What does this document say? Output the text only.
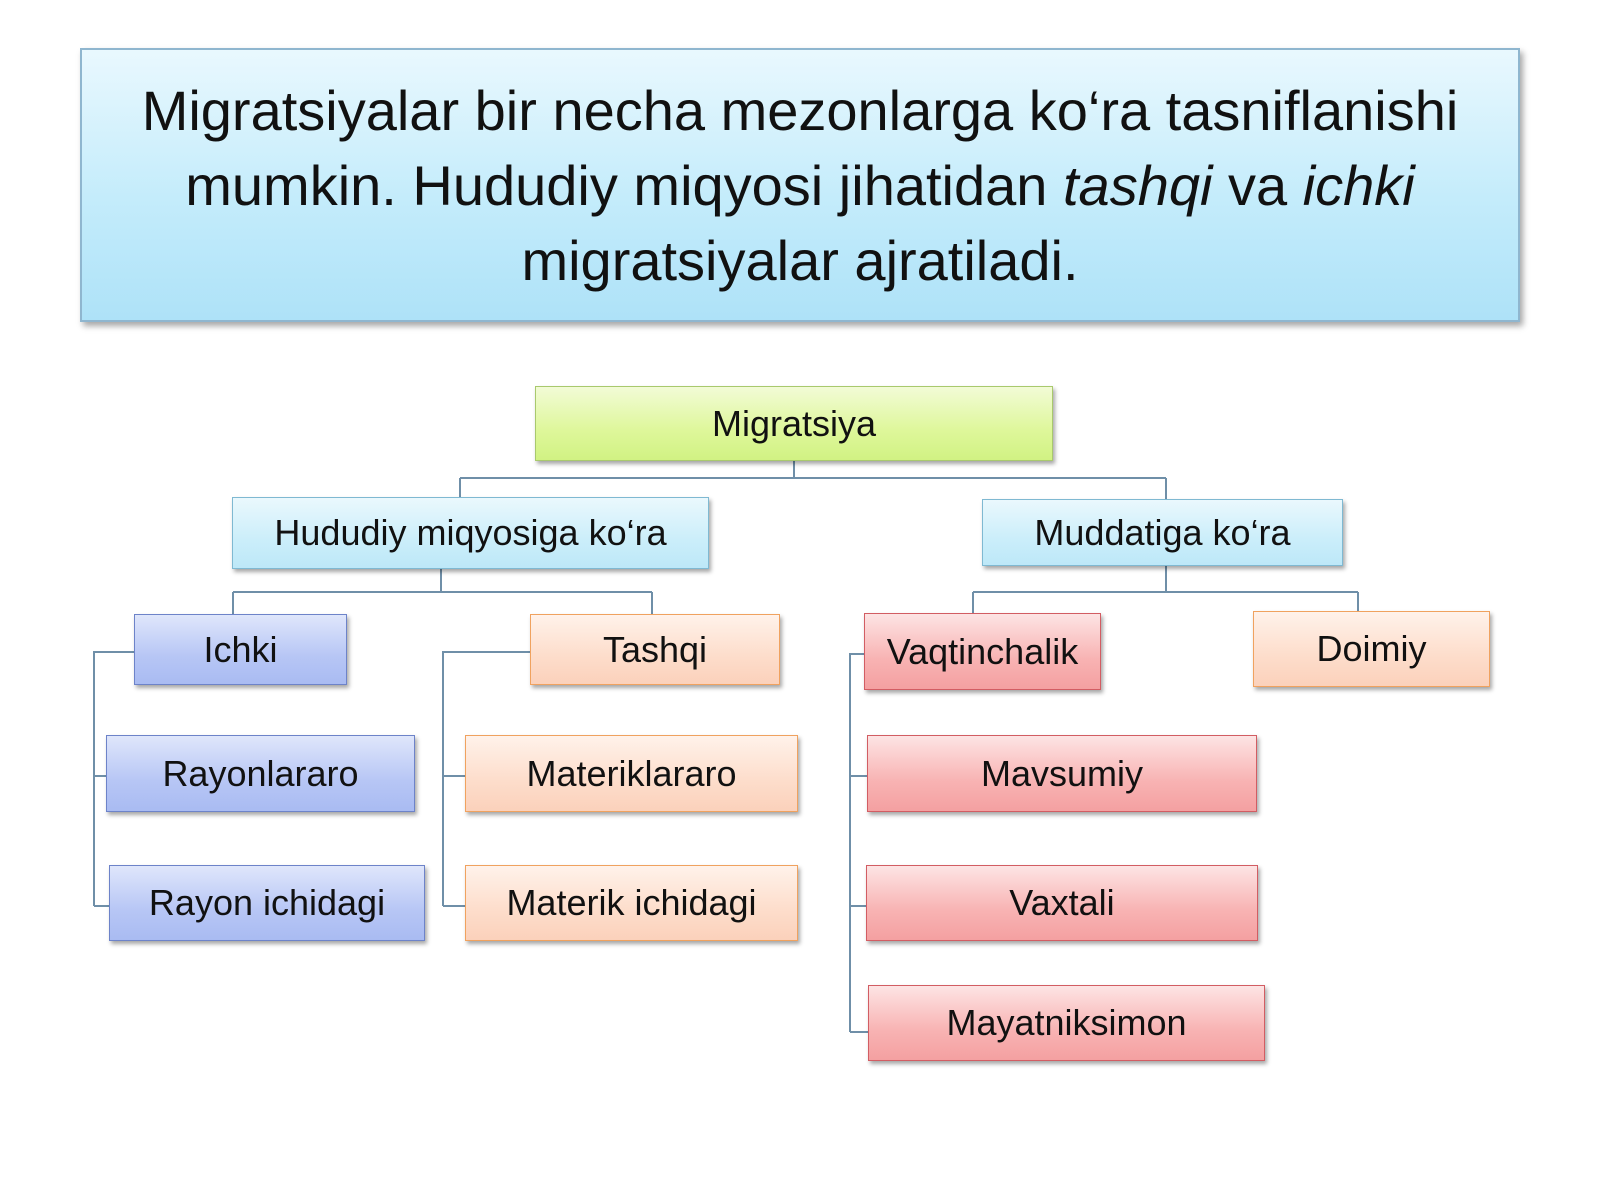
Migratsiyalar bir necha mezonlarga ko‘ra tasniflanishi mumkin. Hududiy miqyosi jihatidan tashqi va ichki migratsiyalar ajratiladi.
Migratsiya
Hududiy miqyosiga ko‘ra	Muddatiga ko‘ra
Ichki	Tashqi	Vaqtinchalik	Doimiy
Rayonlararo
Rayon ichidagi
Materiklararo
Materik ichidagi
Mavsumiy
Vaxtali
Mayatniksimon
